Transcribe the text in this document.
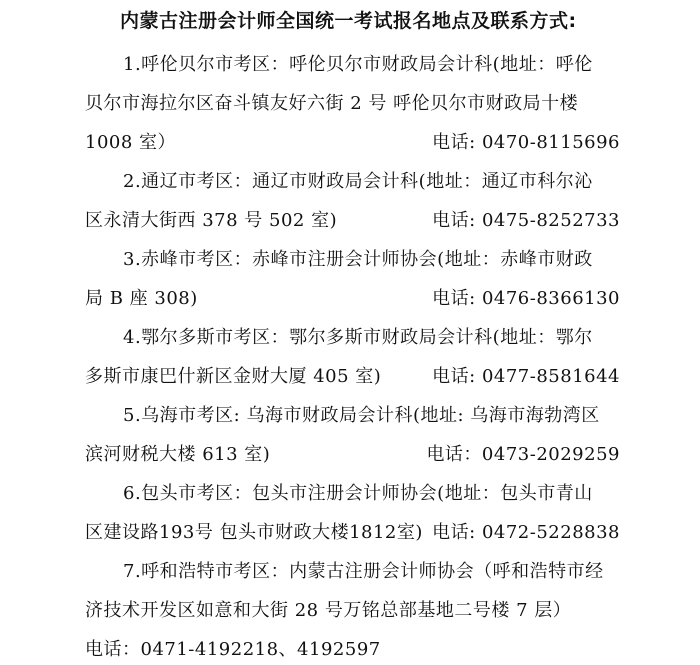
内蒙古注册会计师全国统一考试报名地点及联系方式:
1.呼伦贝尔市考区：呼伦贝尔市财政局会计科(地址：呼伦
贝尔市海拉尔区奋斗镇友好六街 2 号 呼伦贝尔市财政局十楼
1008 室）	电话: 0470-8115696
2.通辽市考区：通辽市财政局会计科(地址：通辽市科尔沁
区永清大街西 378 号 502 室)	电话: 0475-8252733
3.赤峰市考区：赤峰市注册会计师协会(地址：赤峰市财政
局 B 座 308)	电话: 0476-8366130
4.鄂尔多斯市考区：鄂尔多斯市财政局会计科(地址：鄂尔
多斯市康巴什新区金财大厦 405 室)	电话: 0477-8581644
5.乌海市考区: 乌海市财政局会计科(地址: 乌海市海勃湾区
滨河财税大楼 613 室)	电话：0473-2029259
6.包头市考区：包头市注册会计师协会(地址：包头市青山
区建设路193号 包头市财政大楼1812室) 电话: 0472-5228838
7.呼和浩特市考区：内蒙古注册会计师协会（呼和浩特市经
济技术开发区如意和大街 28 号万铭总部基地二号楼 7 层）
电话：0471-4192218、4192597
